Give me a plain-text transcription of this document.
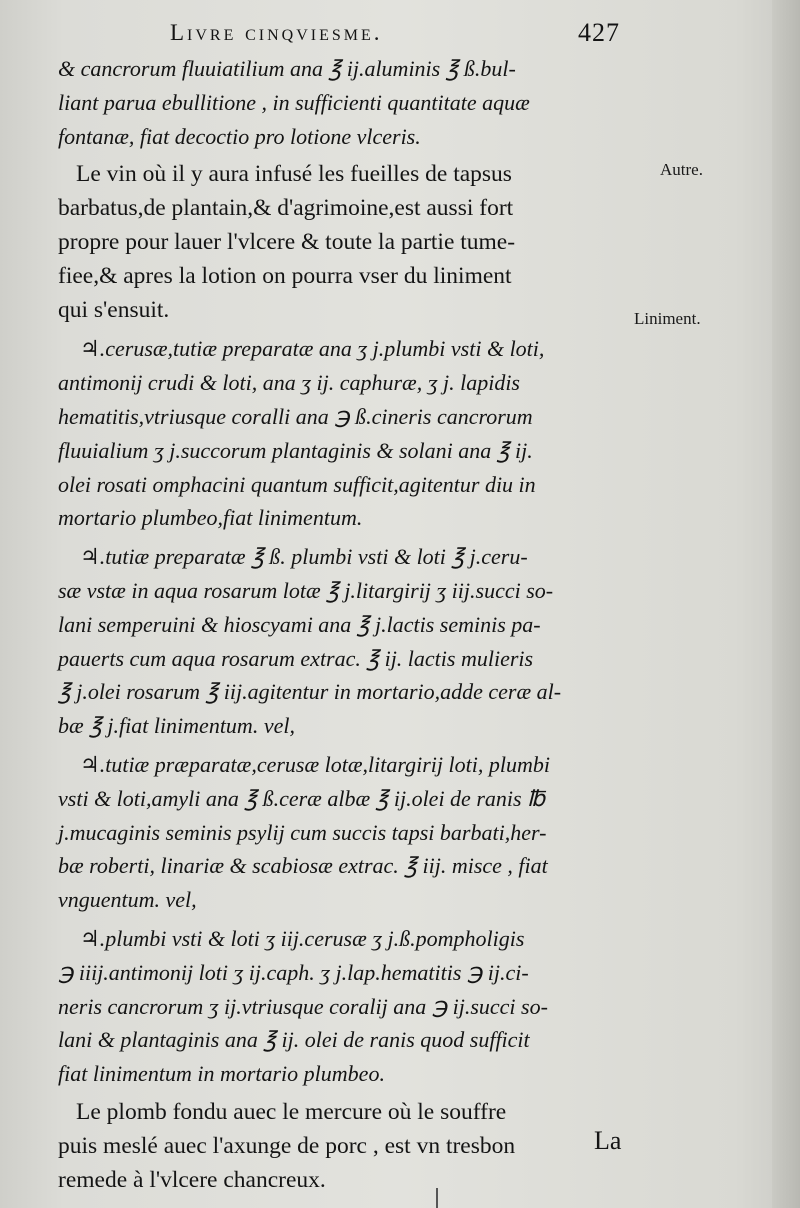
Livre cinqviesme.	427
& cancrorum fluuiatilium ana ℥ ij.aluminis ℥ ß.bul-
liant parua ebullitione , in sufficienti quantitate aquæ
fontanæ, fiat decoctio pro lotione vlceris.
Le vin où il y aura infusé les fueilles de tapsus
barbatus,de plantain,& d'agrimoine,est aussi fort
propre pour lauer l'vlcere & toute la partie tume-
fiee,& apres la lotion on pourra vser du liniment
qui s'ensuit.
♃.cerusæ,tutiæ preparatæ ana ʒ j.plumbi vsti & loti,
antimonij crudi & loti, ana ʒ ij. caphuræ, ʒ j. lapidis
hematitis,vtriusque coralli ana ℈ ß.cineris cancrorum
fluuialium ʒ j.succorum plantaginis & solani ana ℥ ij.
olei rosati omphacini quantum sufficit,agitentur diu in
mortario plumbeo,fiat linimentum.
♃.tutiæ preparatæ ℥ ß. plumbi vsti & loti ℥ j.ceru-
sæ vstæ in aqua rosarum lotæ ℥ j.litargirij ʒ iij.succi so-
lani semperuini & hioscyami ana ℥ j.lactis seminis pa-
pauerts cum aqua rosarum extrac. ℥ ij. lactis mulieris
℥ j.olei rosarum ℥ iij.agitentur in mortario,adde ceræ al-
bæ ℥ j.fiat linimentum. vel,
♃.tutiæ præparatæ,cerusæ lotæ,litargirij loti, plumbi
vsti & loti,amyli ana ℥ ß.ceræ albæ ℥ ij.olei de ranis ℔
j.mucaginis seminis psylij cum succis tapsi barbati,her-
bæ roberti, linariæ & scabiosæ extrac. ℥ iij. misce , fiat
vnguentum. vel,
♃.plumbi vsti & loti ʒ iij.cerusæ ʒ j.ß.pompholigis
℈ iiij.antimonij loti ʒ ij.caph. ʒ j.lap.hematitis ℈ ij.ci-
neris cancrorum ʒ ij.vtriusque coralij ana ℈ ij.succi so-
lani & plantaginis ana ℥ ij. olei de ranis quod sufficit
fiat linimentum in mortario plumbeo.
Le plomb fondu auec le mercure où le souffre
puis meslé auec l'axunge de porc , est vn tresbon
remede à l'vlcere chancreux.
Autre.
Liniment.
La
